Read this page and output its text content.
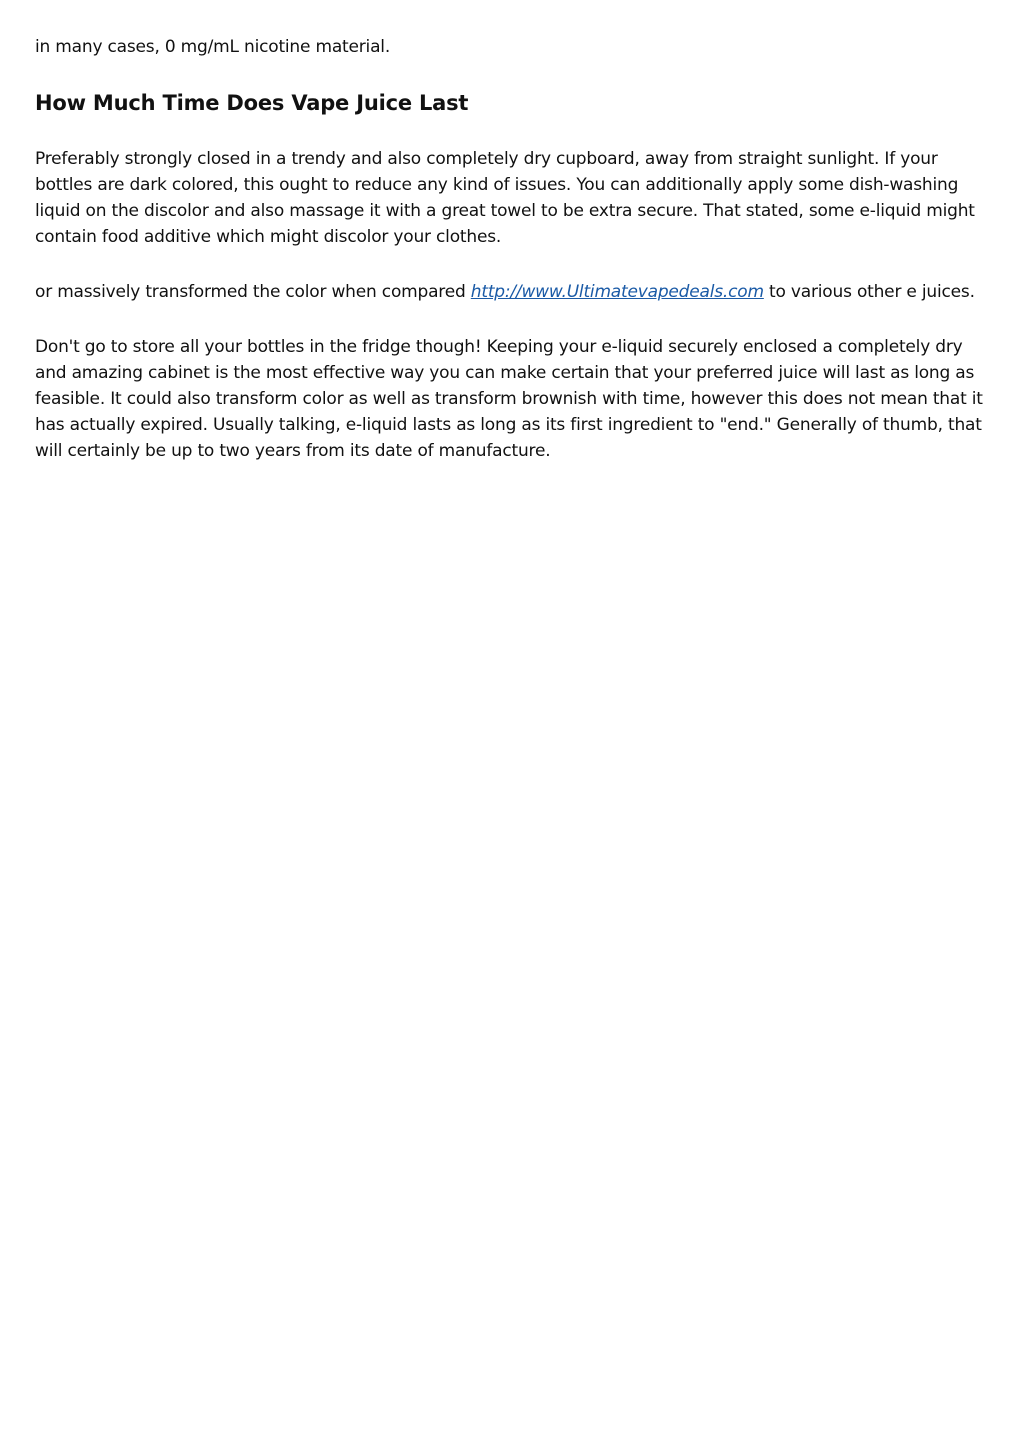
in many cases, 0 mg/mL nicotine material.

How Much Time Does Vape Juice Last

Preferably strongly closed in a trendy and also completely dry cupboard, away from straight sunlight. If your bottles are dark colored, this ought to reduce any kind of issues. You can additionally apply some dish-washing liquid on the discolor and also massage it with a great towel to be extra secure. That stated, some e-liquid might contain food additive which might discolor your clothes.

or massively transformed the color when compared http://www.Ultimatevapedeals.com to various other e juices.

Don't go to store all your bottles in the fridge though! Keeping your e-liquid securely enclosed a completely dry and amazing cabinet is the most effective way you can make certain that your preferred juice will last as long as feasible. It could also transform color as well as transform brownish with time, however this does not mean that it has actually expired. Usually talking, e-liquid lasts as long as its first ingredient to "end." Generally of thumb, that will certainly be up to two years from its date of manufacture.
